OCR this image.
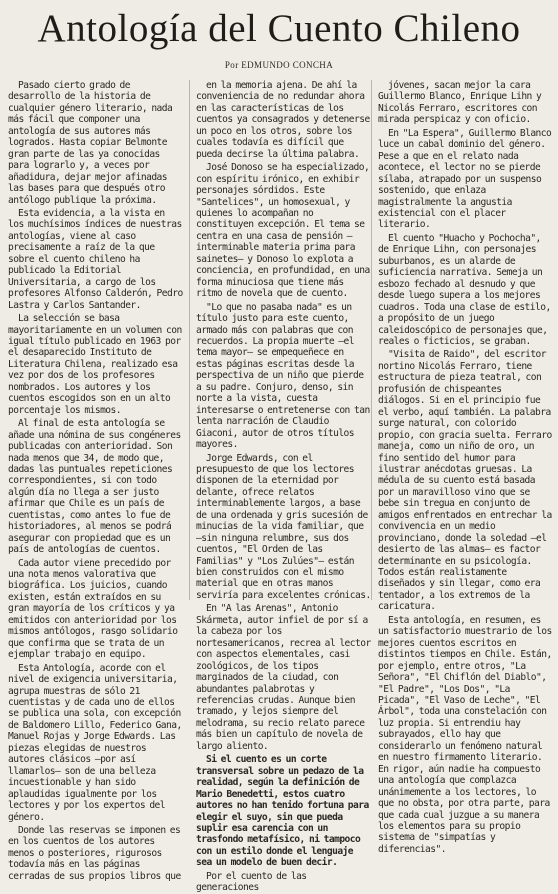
Antología del Cuento Chileno
Por EDMUNDO CONCHA

Pasado cierto grado de desarrollo de la historia de cualquier género literario, nada más fácil que componer una antología de sus autores más logrados. Hasta copiar Belmonte gran parte de las ya conocidas para lograrlo y, a veces por añadidura, dejar mejor afinadas las bases para que después otro antólogo publique la próxima.

Esta evidencia, a la vista en los muchísimos índices de nuestras antologías, viene al caso precisamente a raíz de la que sobre el cuento chileno ha publicado la Editorial Universitaria, a cargo de los profesores Alfonso Calderón, Pedro Lastra y Carlos Santander.

La selección se basa mayoritariamente en un volumen con igual título publicado en 1963 por el desaparecido Instituto de Literatura Chilena, realizado esa vez por dos de los profesores nombrados. Los autores y los cuentos escogidos son en un alto porcentaje los mismos.

Al final de esta antología se añade una nómina de sus congéneres publicadas con anterioridad. Son nada menos que 34, de modo que, dadas las puntuales repeticiones correspondientes, si con todo algún día no llega a ser justo afirmar que Chile es un país de cuentistas, como antes lo fue de historiadores, al menos se podrá asegurar con propiedad que es un país de antologías de cuentos.

Cada autor viene precedido por una nota menos valorativa que biográfica. Los juicios, cuando existen, están extraídos en su gran mayoría de los críticos y ya emitidos con anterioridad por los mismos antólogos, rasgo solidario que confirma que se trata de un ejemplar trabajo en equipo.

Esta Antología, acorde con el nivel de exigencia universitaria, agrupa muestras de sólo 21 cuentistas y de cada uno de ellos se publica una sola, con excepción de Baldomero Lillo, Federico Gana, Manuel Rojas y Jorge Edwards. Las piezas elegidas de nuestros autores clásicos —por así llamarlos— son de una belleza incuestionable y han sido aplaudidas igualmente por los lectores y por los expertos del género.

Donde las reservas se imponen es en los cuentos de los autores menos o posteriores, rigurosos todavía más en las páginas cerradas de sus propios libros que

en la memoria ajena. De ahí la conveniencia de no redundar ahora en las características de los cuentos ya consagrados y detenerse un poco en los otros, sobre los cuales todavía es difícil que pueda decirse la última palabra.

José Donoso se ha especializado, con espíritu irónico, en exhibir personajes sórdidos. Este "Santelices", un homosexual, y quienes lo acompañan no constituyen excepción. El tema se centra en una casa de pensión —interminable materia prima para sainetes— y Donoso lo explota a conciencia, en profundidad, en una forma minuciosa que tiene más ritmo de novela que de cuento.

"Lo que no pasaba nada" es un título justo para este cuento, armado más con palabras que con recuerdos. La propia muerte —el tema mayor— se empequeñece en estas páginas escritas desde la perspectiva de un niño que pierde a su padre. Conjuro, denso, sin norte a la vista, cuesta interesarse o entretenerse con tan lenta narración de Claudio Giaconi, autor de otros títulos mayores.

Jorge Edwards, con el presupuesto de que los lectores disponen de la eternidad por delante, ofrece relatos interminablemente largos, a base de una ordenada y gris sucesión de minucias de la vida familiar, que —sin ninguna relumbre, sus dos cuentos, "El Orden de las Familias" y "Los Zulúes"— están bien construidos con el mismo material que en otras manos serviría para excelentes crónicas.

En "A las Arenas", Antonio Skármeta, autor infiel de por sí a la cabeza por los nortesamericanos, recrea al lector con aspectos elementales, casi zoológicos, de los tipos marginados de la ciudad, con abundantes palabrotas y referencias crudas. Aunque bien tramado, y lejos siempre del melodrama, su recio relato parece más bien un capítulo de novela de largo aliento.

Si el cuento es un corte transversal sobre un pedazo de la realidad, según la definición de Mario Benedetti, estos cuatro autores no han tenido fortuna para elegir el suyo, sin que pueda suplir esa carencia con un trasfondo metafísico, ni tampoco con un estilo donde el lenguaje sea un modelo de buen decir.

Por el cuento de las generaciones

jóvenes, sacan mejor la cara Guillermo Blanco, Enrique Lihn y Nicolás Ferraro, escritores con mirada perspicaz y con oficio.

En "La Espera", Guillermo Blanco luce un cabal dominio del género. Pese a que en el relato nada acontece, el lector no se pierde sílaba, atrapado por un suspenso sostenido, que enlaza magistralmente la angustia existencial con el placer literario.

El cuento "Huacho y Pochocha", de Enrique Lihn, con personajes suburbanos, es un alarde de suficiencia narrativa. Semeja un esbozo fechado al desnudo y que desde luego supera a los mejores cuadros. Toda una clase de estilo, a propósito de un juego caleidoscópico de personajes que, reales o ficticios, se graban.

"Visita de Raido", del escritor nortino Nicolás Ferraro, tiene estructura de pieza teatral, con profusión de chispeantes diálogos. Si en el principio fue el verbo, aquí también. La palabra surge natural, con colorido propio, con gracia suelta. Ferraro maneja, como un niño de oro, un fino sentido del humor para ilustrar anécdotas gruesas. La médula de su cuento está basada por un maravilloso vino que se bebe sin tregua en conjunto de amigos enfrentados en entrechar la convivencia en un medio provinciano, donde la soledad —el desierto de las almas— es factor determinante en su psicología. Todos están realistamente diseñados y sin llegar, como era tentador, a los extremos de la caricatura.

Esta antología, en resumen, es un satisfactorio muestrario de los mejores cuentos escritos en distintos tiempos en Chile. Están, por ejemplo, entre otros, "La Señora", "El Chiflón del Diablo", "El Padre", "Los Dos", "La Picada", "El Vaso de Leche", "El Árbol", toda una constelación con luz propia. Si entrendiu hay subrayados, ello hay que considerarlo un fenómeno natural en nuestro firmamento literario. En rigor, aún nadie ha compuesto una antología que complazca unánimemente a los lectores, lo que no obsta, por otra parte, para que cada cual juzgue a su manera los elementos para su propio sistema de "simpatías y diferencias".
